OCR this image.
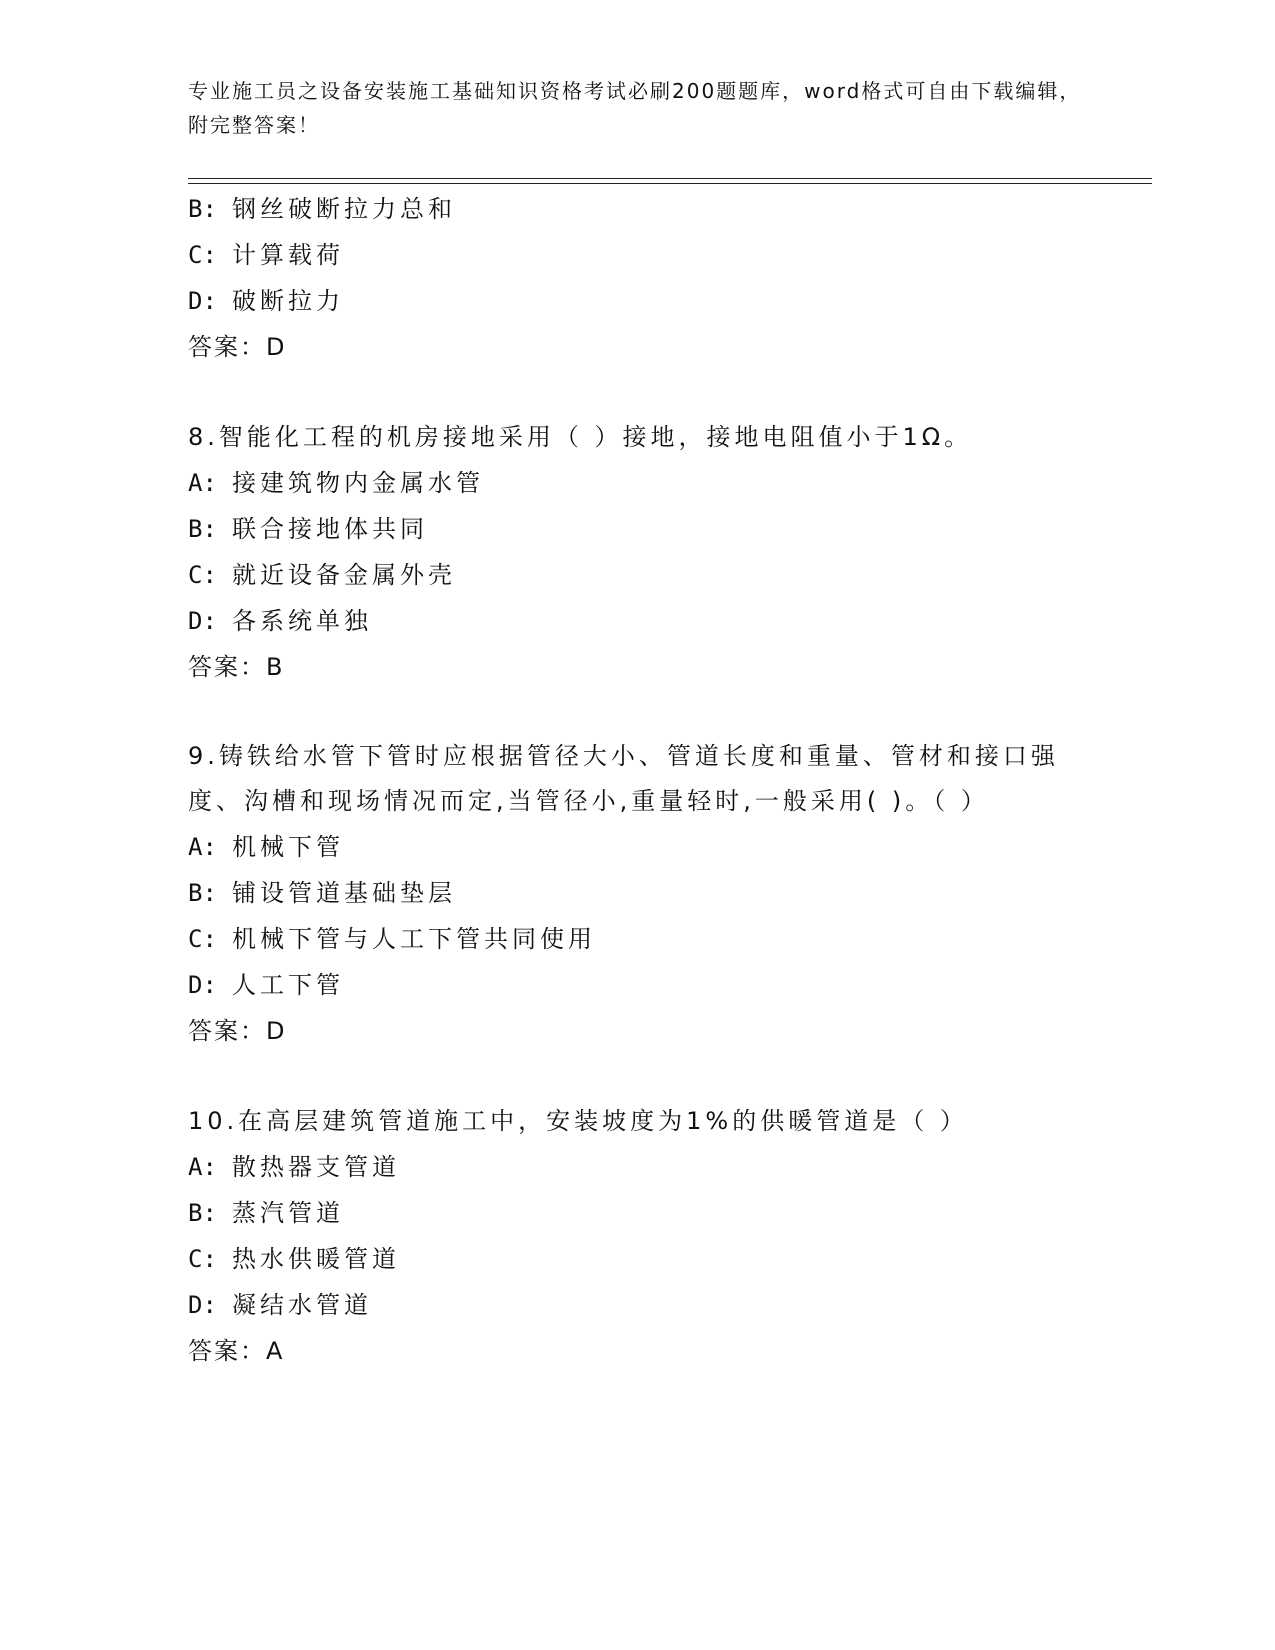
专业施工员之设备安装施工基础知识资格考试必刷200题题库，word格式可自由下载编辑，附完整答案！
B: 钢丝破断拉力总和
C: 计算载荷
D: 破断拉力
答案：D
8.智能化工程的机房接地采用（ ）接地，接地电阻值小于1Ω。
A: 接建筑物内金属水管
B: 联合接地体共同
C: 就近设备金属外壳
D: 各系统单独
答案：B
9.铸铁给水管下管时应根据管径大小、管道长度和重量、管材和接口强度、沟槽和现场情况而定,当管径小,重量轻时,一般采用( )。（ ）
A: 机械下管
B: 铺设管道基础垫层
C: 机械下管与人工下管共同使用
D: 人工下管
答案：D
10.在高层建筑管道施工中，安装坡度为1%的供暖管道是（ ）
A: 散热器支管道
B: 蒸汽管道
C: 热水供暖管道
D: 凝结水管道
答案：A
